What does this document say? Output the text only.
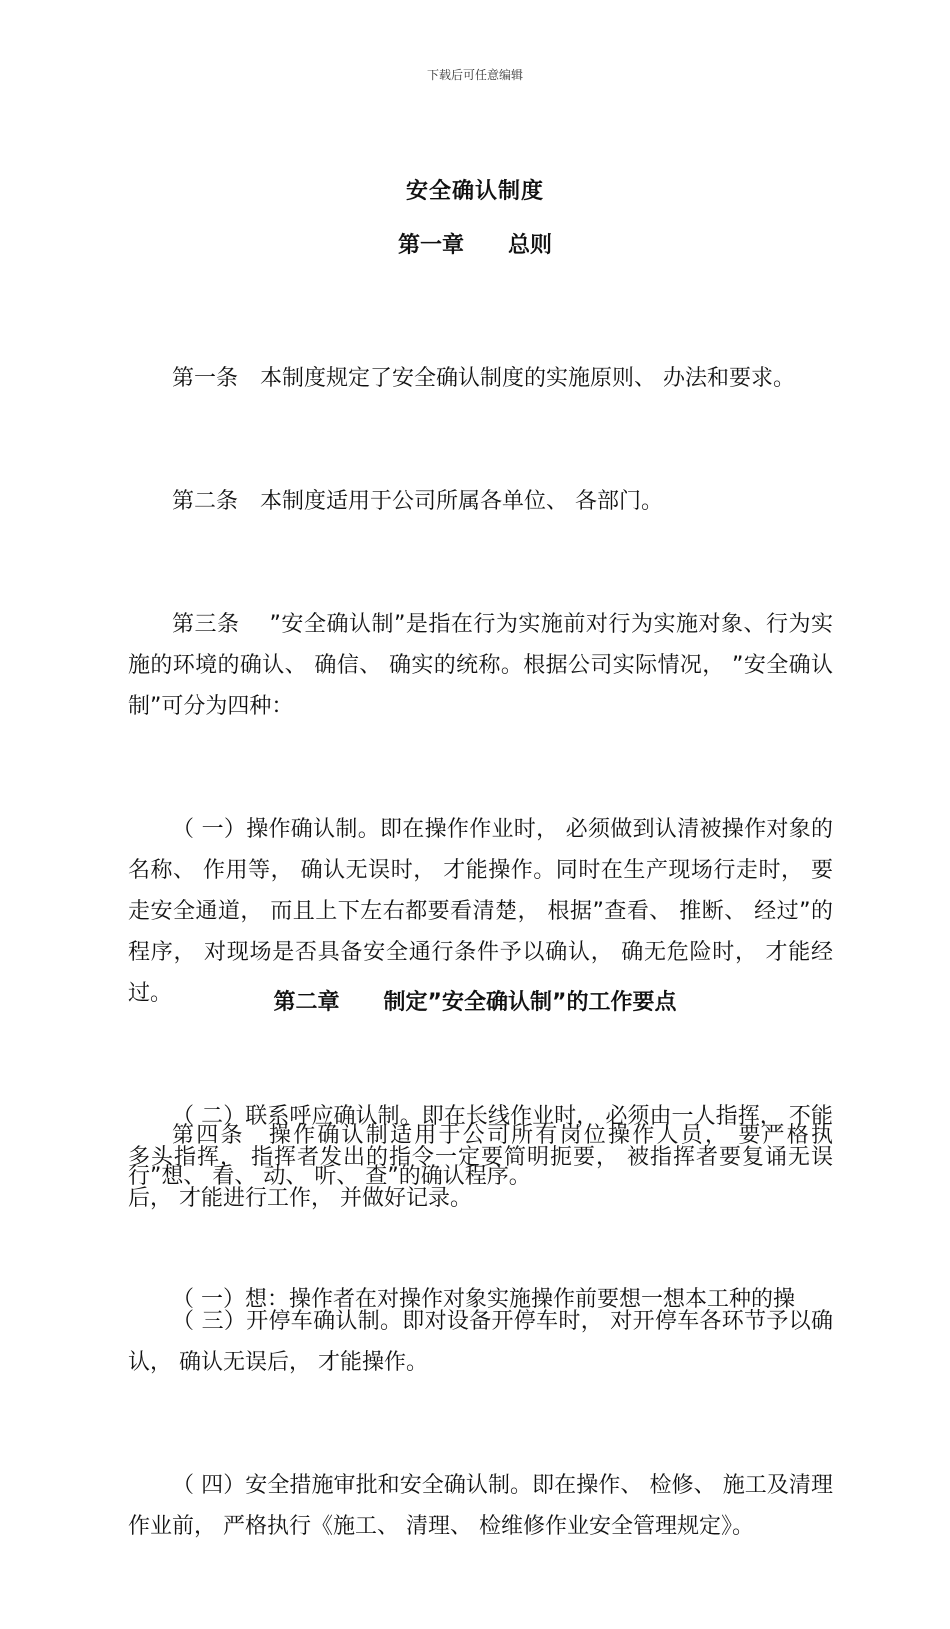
下载后可任意编辑
安全确认制度
第一章　　总则

第一条　本制度规定了安全确认制度的实施原则、 办法和要求。

第二条　本制度适用于公司所属各单位、 各部门。

第三条　 ”安全确认制”是指在行为实施前对行为实施对象、行为实施的环境的确认、 确信、 确实的统称。根据公司实际情况， ”安全确认制”可分为四种：

（ 一）操作确认制。即在操作作业时， 必须做到认清被操作对象的名称、 作用等， 确认无误时， 才能操作。同时在生产现场行走时， 要走安全通道， 而且上下左右都要看清楚， 根据”查看、 推断、 经过”的程序， 对现场是否具备安全通行条件予以确认， 确无危险时， 才能经过。

（ 二）联系呼应确认制。即在长线作业时， 必须由一人指挥， 不能多头指挥， 指挥者发出的指令一定要简明扼要， 被指挥者要复诵无误后， 才能进行工作， 并做好记录。

（ 三）开停车确认制。即对设备开停车时， 对开停车各环节予以确认， 确认无误后， 才能操作。

（ 四）安全措施审批和安全确认制。即在操作、 检修、 施工及清理作业前， 严格执行《施工、 清理、 检维修作业安全管理规定》。

第二章　　制定”安全确认制”的工作要点

第四条　操作确认制适用于公司所有岗位操作人员， 要严格执行”想、 看、 动、 听、 查”的确认程序。

（ 一）想：操作者在对操作对象实施操作前要想一想本工种的操
